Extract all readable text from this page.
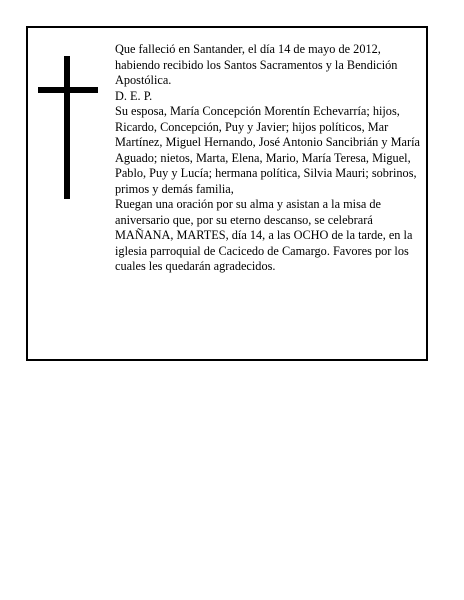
Que falleció en Santander, el día 14 de mayo de 2012, habiendo recibido los Santos Sacramentos y la Bendición Apostólica.

D. E. P.

Su esposa, María Concepción Morentín Echevarría; hijos, Ricardo, Concepción, Puy y Javier; hijos políticos, Mar Martínez, Miguel Hernando, José Antonio Sancibrián y María Aguado; nietos, Marta, Elena, Mario, María Teresa, Miguel, Pablo, Puy y Lucía; hermana política, Silvia Mauri; sobrinos, primos y demás familia,

Ruegan una oración por su alma y asistan a la misa de aniversario que, por su eterno descanso, se celebrará MAÑANA, MARTES, día 14, a las OCHO de la tarde, en la iglesia parroquial de Cacicedo de Camargo. Favores por los cuales les quedarán agradecidos.
